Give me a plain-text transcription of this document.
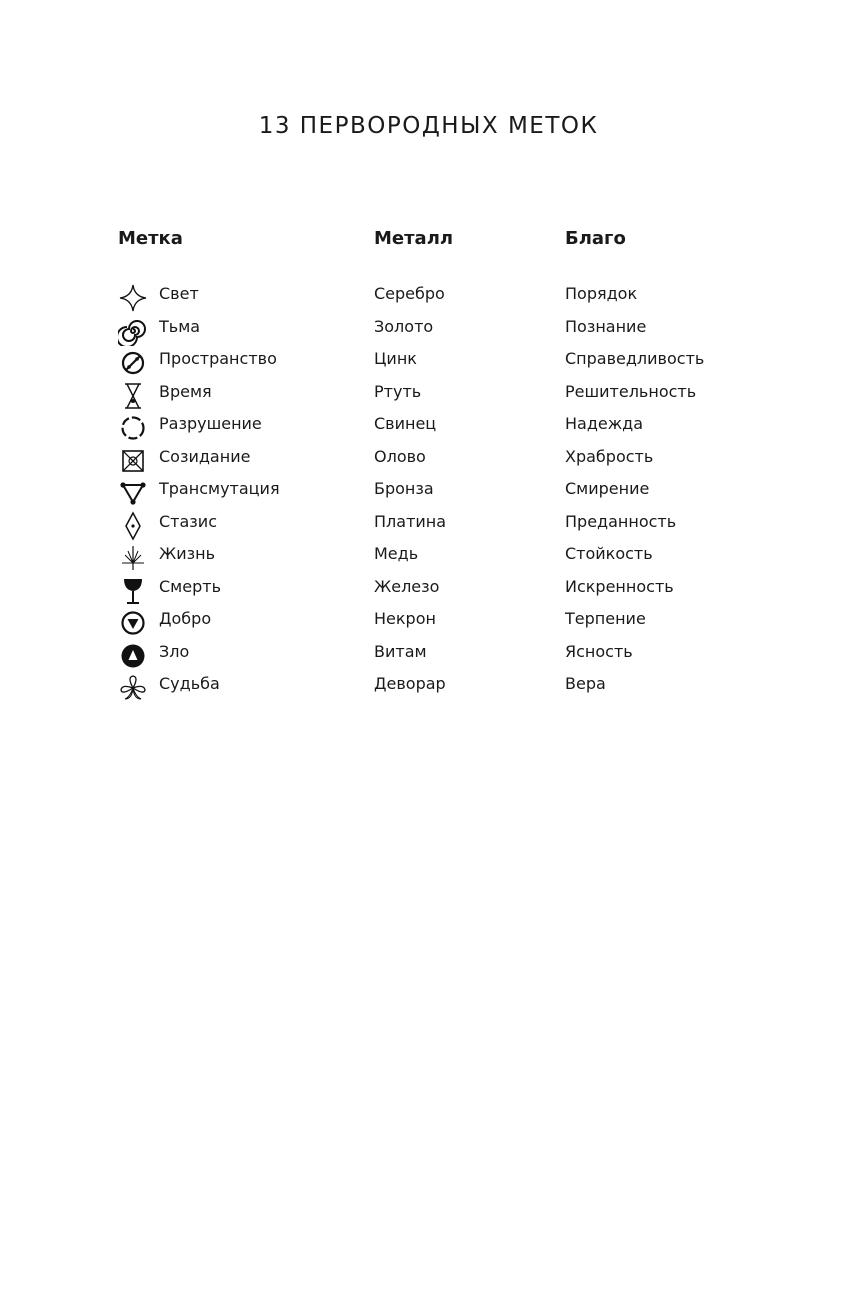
13 ПЕРВОРОДНЫХ МЕТОК
Метка	Металл	Благо
Свет	Серебро	Порядок
Тьма	Золото	Познание
Пространство	Цинк	Справедливость
Время	Ртуть	Решительность
Разрушение	Свинец	Надежда
Созидание	Олово	Храбрость
Трансмутация	Бронза	Смирение
Стазис	Платина	Преданность
Жизнь	Медь	Стойкость
Смерть	Железо	Искренность
Добро	Некрон	Терпение
Зло	Витам	Ясность
Судьба	Деворар	Вера
